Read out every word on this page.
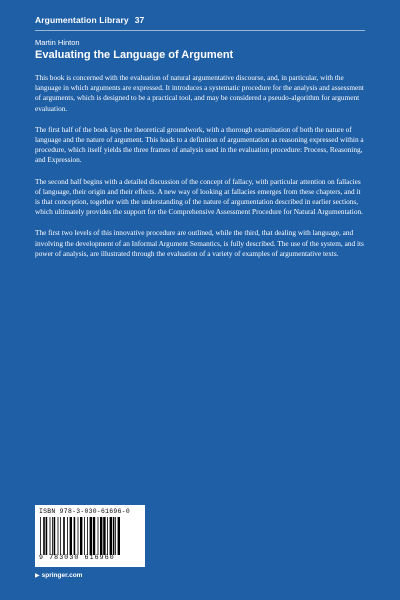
Argumentation Library 37
Martin Hinton
Evaluating the Language of Argument

This book is concerned with the evaluation of natural argumentative discourse, and, in particular, with the language in which arguments are expressed. It introduces a systematic procedure for the analysis and assessment of arguments, which is designed to be a practical tool, and may be considered a pseudo-algorithm for argument evaluation.

The first half of the book lays the theoretical groundwork, with a thorough examination of both the nature of language and the nature of argument. This leads to a definition of argumentation as reasoning expressed within a procedure, which itself yields the three frames of analysis used in the evaluation procedure: Process, Reasoning, and Expression.

The second half begins with a detailed discussion of the concept of fallacy, with particular attention on fallacies of language, their origin and their effects. A new way of looking at fallacies emerges from these chapters, and it is that conception, together with the understanding of the nature of argumentation described in earlier sections, which ultimately provides the support for the Comprehensive Assessment Procedure for Natural Argumentation.

The first two levels of this innovative procedure are outlined, while the third, that dealing with language, and involving the development of an Informal Argument Semantics, is fully described. The use of the system, and its power of analysis, are illustrated through the evaluation of a variety of examples of argumentative texts.

ISBN 978-3-030-61696-0
9 783030 616960
▶ springer.com
